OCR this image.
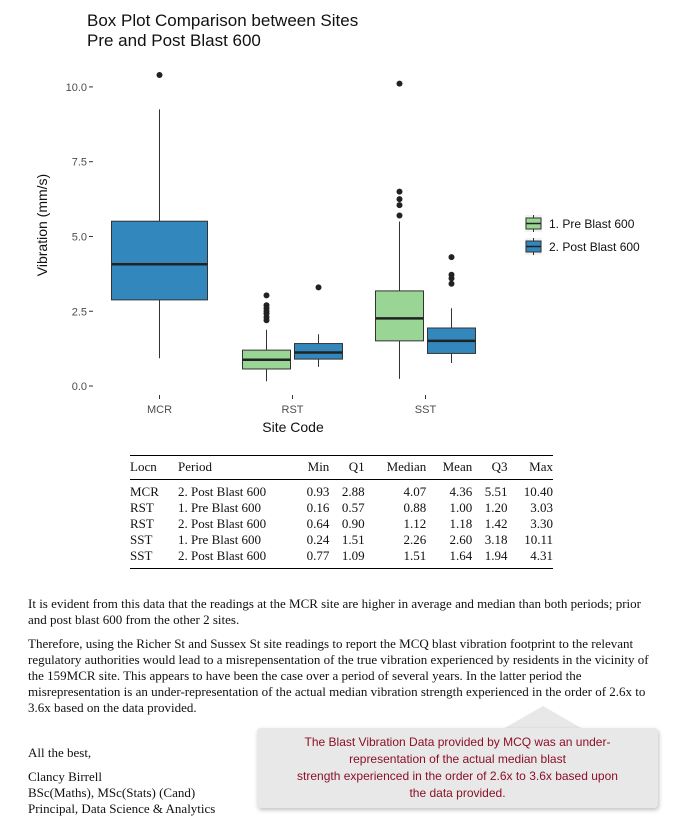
Box Plot Comparison between Sites
Pre and Post Blast 600
0.0
2.5
5.0
7.5
10.0
MCR	RST	SST
Site Code
Vibration (mm/s)	1. Pre Blast 600
2. Post Blast 600
Locn	Period	Min	Q1	Median	Mean	Q3	Max
MCR	2. Post Blast 600	0.93	2.88	4.07	4.36	5.51	10.40
RST	1. Pre Blast 600	0.16	0.57	0.88	1.00	1.20	3.03
RST	2. Post Blast 600	0.64	0.90	1.12	1.18	1.42	3.30
SST	1. Pre Blast 600	0.24	1.51	2.26	2.60	3.18	10.11
SST	2. Post Blast 600	0.77	1.09	1.51	1.64	1.94	4.31

It is evident from this data that the readings at the MCR site are higher in average and median than both periods; prior and post blast 600 from the other 2 sites.

Therefore, using the Richer St and Sussex St site readings to report the MCQ blast vibration footprint to the relevant regulatory authorities would lead to a misrepensentation of the true vibration experienced by residents in the vicinity of the 159MCR site. This appears to have been the case over a period of several years. In the latter period the misrepresentation is an under-representation of the actual median vibration strength experienced in the order of 2.6x to 3.6x based on the data provided.

All the best,
Clancy Birrell
BSc(Maths), MSc(Stats) (Cand)
Principal, Data Science & Analytics
The Blast Vibration Data provided by MCQ was an under-
representation of the actual median blast
strength experienced in the order of 2.6x to 3.6x based upon
the data provided.
